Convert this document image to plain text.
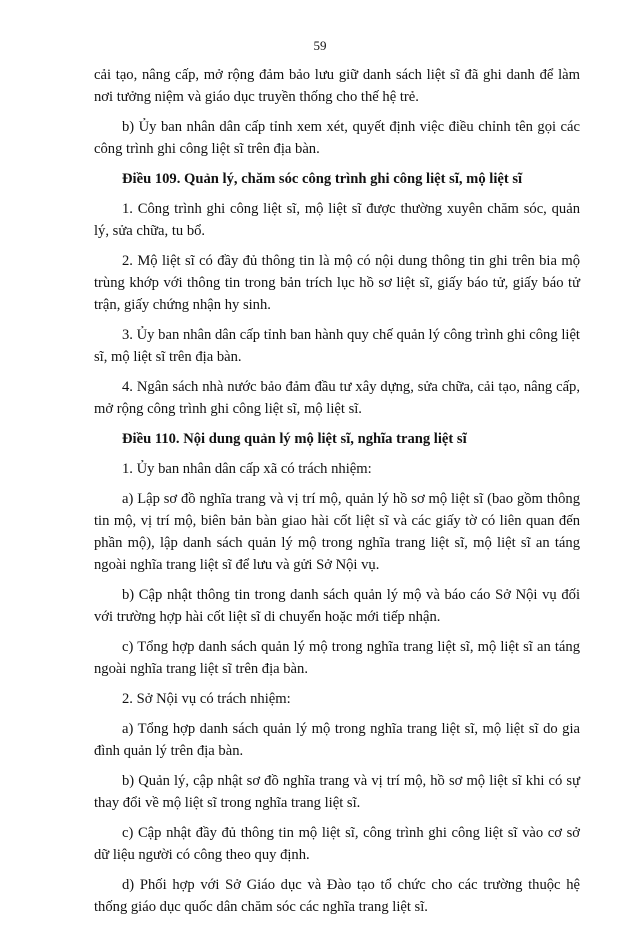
59

cải tạo, nâng cấp, mở rộng đảm bảo lưu giữ danh sách liệt sĩ đã ghi danh để làm nơi tưởng niệm và giáo dục truyền thống cho thế hệ trẻ.

b) Ủy ban nhân dân cấp tỉnh xem xét, quyết định việc điều chỉnh tên gọi các công trình ghi công liệt sĩ trên địa bàn.

Điều 109. Quản lý, chăm sóc công trình ghi công liệt sĩ, mộ liệt sĩ

1. Công trình ghi công liệt sĩ, mộ liệt sĩ được thường xuyên chăm sóc, quản lý, sửa chữa, tu bổ.

2. Mộ liệt sĩ có đầy đủ thông tin là mộ có nội dung thông tin ghi trên bia mộ trùng khớp với thông tin trong bản trích lục hồ sơ liệt sĩ, giấy báo tử, giấy báo tử trận, giấy chứng nhận hy sinh.

3. Ủy ban nhân dân cấp tỉnh ban hành quy chế quản lý công trình ghi công liệt sĩ, mộ liệt sĩ trên địa bàn.

4. Ngân sách nhà nước bảo đảm đầu tư xây dựng, sửa chữa, cải tạo, nâng cấp, mở rộng công trình ghi công liệt sĩ, mộ liệt sĩ.

Điều 110. Nội dung quản lý mộ liệt sĩ, nghĩa trang liệt sĩ

1. Ủy ban nhân dân cấp xã có trách nhiệm:

a) Lập sơ đồ nghĩa trang và vị trí mộ, quản lý hồ sơ mộ liệt sĩ (bao gồm thông tin mộ, vị trí mộ, biên bản bàn giao hài cốt liệt sĩ và các giấy tờ có liên quan đến phần mộ), lập danh sách quản lý mộ trong nghĩa trang liệt sĩ, mộ liệt sĩ an táng ngoài nghĩa trang liệt sĩ để lưu và gửi Sở Nội vụ.

b) Cập nhật thông tin trong danh sách quản lý mộ và báo cáo Sở Nội vụ đối với trường hợp hài cốt liệt sĩ di chuyển hoặc mới tiếp nhận.

c) Tổng hợp danh sách quản lý mộ trong nghĩa trang liệt sĩ, mộ liệt sĩ an táng ngoài nghĩa trang liệt sĩ trên địa bàn.

2. Sở Nội vụ có trách nhiệm:

a) Tổng hợp danh sách quản lý mộ trong nghĩa trang liệt sĩ, mộ liệt sĩ do gia đình quản lý trên địa bàn.

b) Quản lý, cập nhật sơ đồ nghĩa trang và vị trí mộ, hồ sơ mộ liệt sĩ khi có sự thay đổi về mộ liệt sĩ trong nghĩa trang liệt sĩ.

c) Cập nhật đầy đủ thông tin mộ liệt sĩ, công trình ghi công liệt sĩ vào cơ sở dữ liệu người có công theo quy định.

d) Phối hợp với Sở Giáo dục và Đào tạo tổ chức cho các trường thuộc hệ thống giáo dục quốc dân chăm sóc các nghĩa trang liệt sĩ.
